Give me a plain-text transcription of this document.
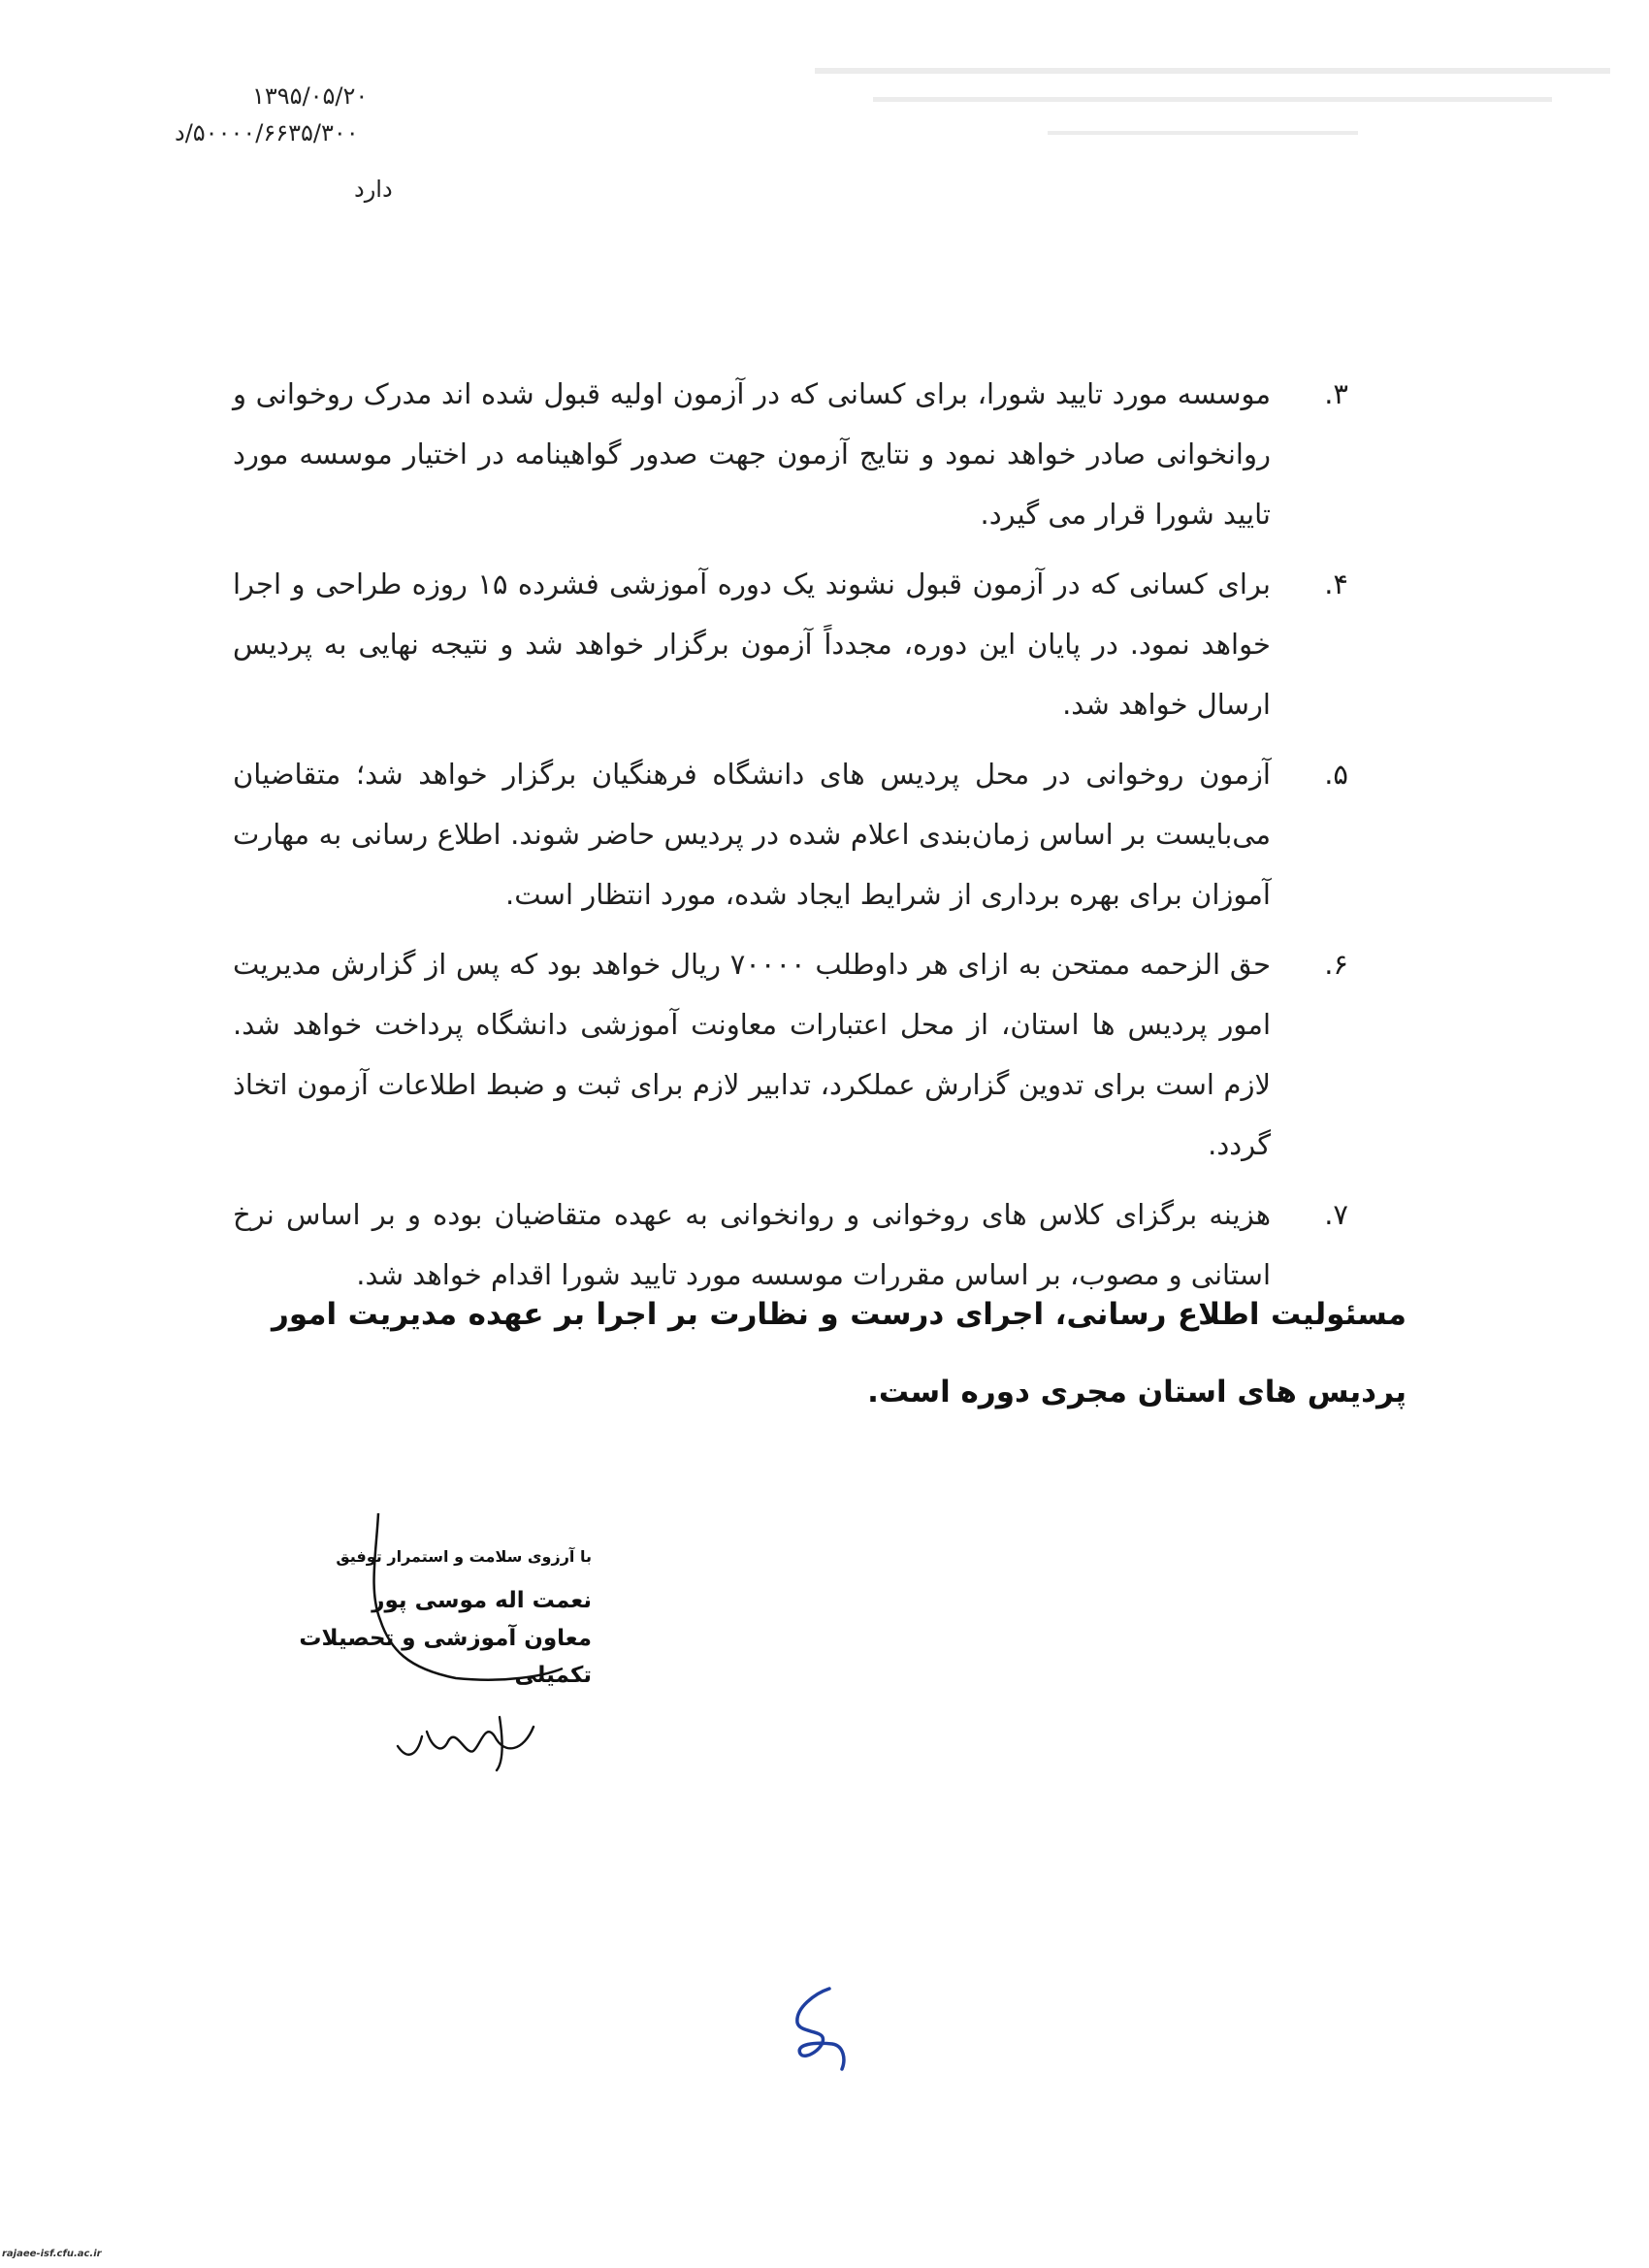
۱۳۹۵/۰۵/۲۰
۵۰۰۰۰/۶۶۳۵/۳۰۰/د
دارد
۳.
موسسه مورد تایید شورا، برای کسانی که در آزمون اولیه قبول شده اند مدرک روخوانی و روانخوانی صادر خواهد نمود و نتایج آزمون جهت صدور گواهینامه در اختیار موسسه مورد تایید شورا قرار می گیرد.
۴.
برای کسانی که در آزمون قبول نشوند یک دوره آموزشی فشرده ۱۵ روزه طراحی و اجرا خواهد نمود. در پایان این دوره، مجدداً آزمون برگزار خواهد شد و نتیجه نهایی به پردیس ارسال خواهد شد.
۵.
آزمون روخوانی در محل پردیس های دانشگاه فرهنگیان برگزار خواهد شد؛ متقاضیان می‌بایست بر اساس زمان‌بندی اعلام شده در پردیس حاضر شوند. اطلاع رسانی به مهارت آموزان برای بهره برداری از شرایط ایجاد شده، مورد انتظار است.
۶.
حق الزحمه ممتحن به ازای هر داوطلب ۷۰۰۰۰ ریال خواهد بود که پس از گزارش مدیریت امور پردیس ها استان، از محل اعتبارات معاونت آموزشی دانشگاه پرداخت خواهد شد. لازم است برای تدوین گزارش عملکرد، تدابیر لازم برای ثبت و ضبط اطلاعات آزمون اتخاذ گردد.
۷.
هزینه برگزای کلاس های روخوانی و روانخوانی به عهده متقاضیان بوده و بر اساس نرخ استانی و مصوب، بر اساس مقررات موسسه مورد تایید شورا اقدام خواهد شد.
مسئولیت اطلاع رسانی، اجرای درست و نظارت بر اجرا بر عهده مدیریت امور پردیس های استان مجری دوره است.
با آرزوی سلامت و استمرار توفیق
نعمت اله موسی پور
معاون آموزشی و تحصیلات تکمیلی
rajaee-isf.cfu.ac.ir
